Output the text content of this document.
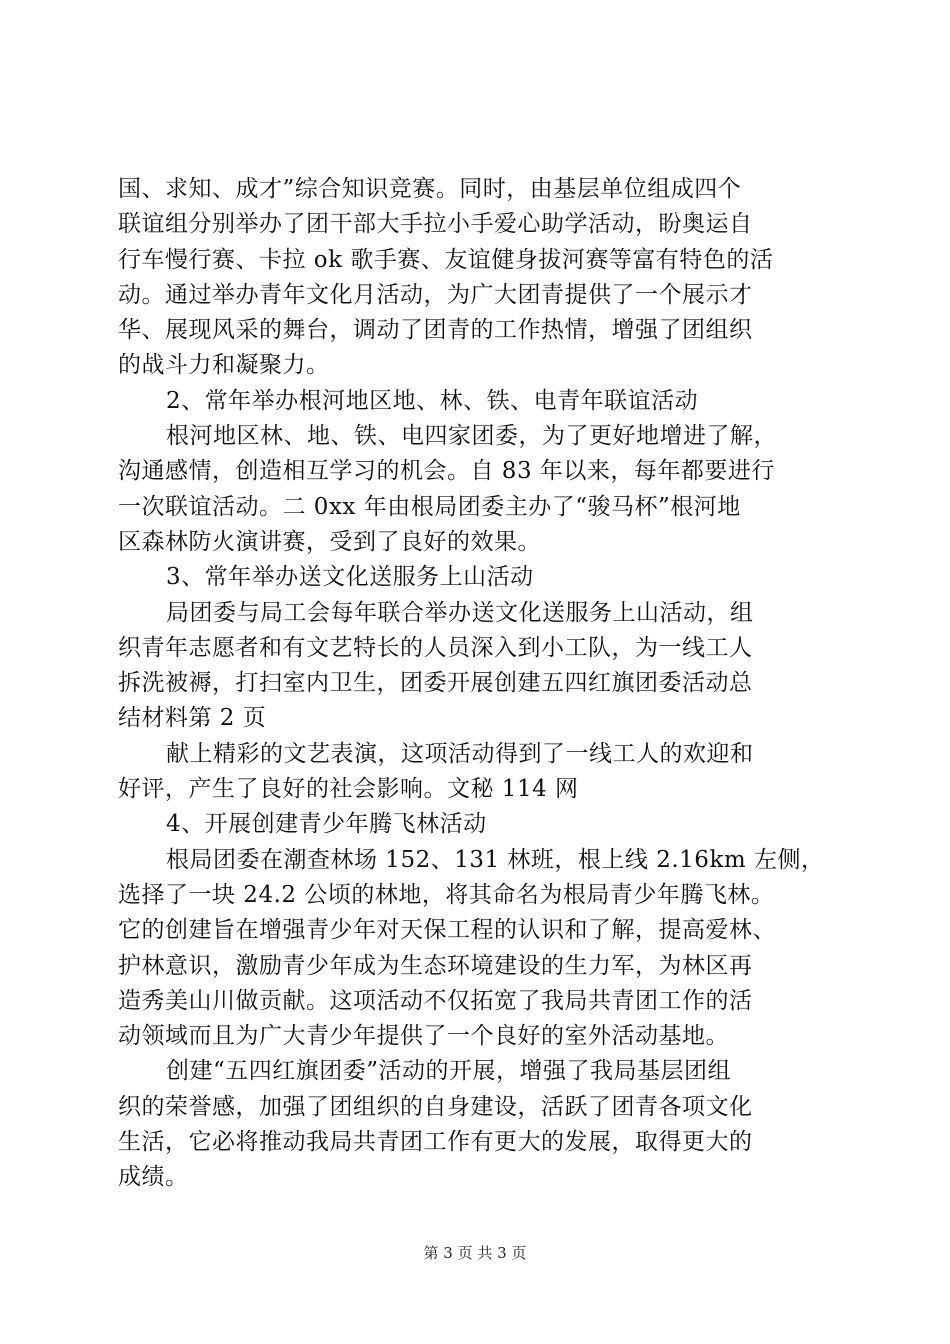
国、求知、成才”综合知识竞赛。同时，由基层单位组成四个
联谊组分别举办了团干部大手拉小手爱心助学活动，盼奥运自
行车慢行赛、卡拉 ok 歌手赛、友谊健身拔河赛等富有特色的活
动。通过举办青年文化月活动，为广大团青提供了一个展示才
华、展现风采的舞台，调动了团青的工作热情，增强了团组织
的战斗力和凝聚力。
2、常年举办根河地区地、林、铁、电青年联谊活动
根河地区林、地、铁、电四家团委，为了更好地增进了解，
沟通感情，创造相互学习的机会。自 83 年以来，每年都要进行
一次联谊活动。二 0xx 年由根局团委主办了“骏马杯”根河地
区森林防火演讲赛，受到了良好的效果。
3、常年举办送文化送服务上山活动
局团委与局工会每年联合举办送文化送服务上山活动，组
织青年志愿者和有文艺特长的人员深入到小工队，为一线工人
拆洗被褥，打扫室内卫生，团委开展创建五四红旗团委活动总
结材料第 2 页
献上精彩的文艺表演，这项活动得到了一线工人的欢迎和
好评，产生了良好的社会影响。文秘 114 网
4、开展创建青少年腾飞林活动
根局团委在潮查林场 152、131 林班，根上线 2.16km 左侧，
选择了一块 24.2 公顷的林地，将其命名为根局青少年腾飞林。
它的创建旨在增强青少年对天保工程的认识和了解，提高爱林、
护林意识，激励青少年成为生态环境建设的生力军，为林区再
造秀美山川做贡献。这项活动不仅拓宽了我局共青团工作的活
动领域而且为广大青少年提供了一个良好的室外活动基地。
创建“五四红旗团委”活动的开展，增强了我局基层团组
织的荣誉感，加强了团组织的自身建设，活跃了团青各项文化
生活，它必将推动我局共青团工作有更大的发展，取得更大的
成绩。
第 3 页 共 3 页
